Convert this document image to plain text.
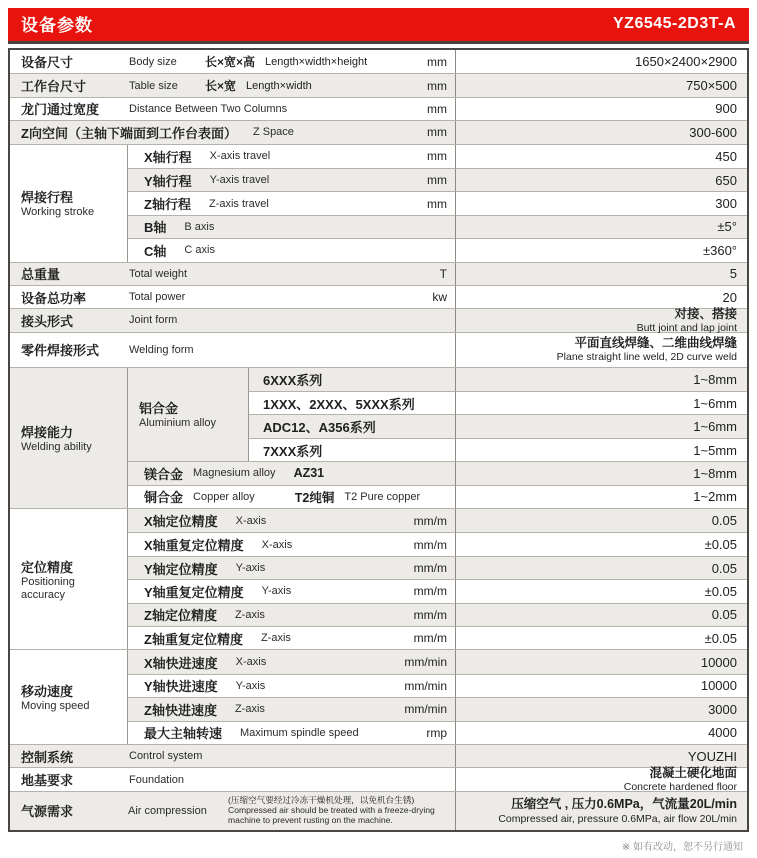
设备参数	YZ6545-2D3T-A
设备尺寸	Body size	长×宽×高 Length×width×height	mm	1650×2400×2900
工作台尺寸	Table size	长×宽 Length×width	mm	750×500
龙门通过宽度	Distance Between Two Columns	mm	900
Z向空间（主轴下端面到工作台表面） Z Space	mm	300-600
焊接行程
Working stroke
X轴行程 X-axis travel	mm	450
Y轴行程 Y-axis travel	mm	650
Z轴行程 Z-axis travel	mm	300
B轴 B axis	±5°
C轴 C axis	±360°
总重量	Total weight	T	5
设备总功率	Total power	kw	20
接头形式	Joint form	对接、搭接
Butt joint and lap joint
零件焊接形式	Welding form	平面直线焊缝、二维曲线焊缝
Plane straight line weld, 2D curve weld
焊接能力
Welding ability
铝合金
Aluminium alloy
6XXX系列	1~8mm
1XXX、2XXX、5XXX系列	1~6mm
ADC12、A356系列	1~6mm
7XXX系列	1~5mm
镁合金 Magnesium alloy AZ31	1~8mm
铜合金 Copper alloy	T2纯铜 T2 Pure copper	1~2mm
定位精度
Positioning accuracy
X轴定位精度 X-axis	mm/m	0.05
X轴重复定位精度 X-axis	mm/m	±0.05
Y轴定位精度 Y-axis	mm/m	0.05
Y轴重复定位精度 Y-axis	mm/m	±0.05
Z轴定位精度 Z-axis	mm/m	0.05
Z轴重复定位精度 Z-axis	mm/m	±0.05
移动速度
Moving speed
X轴快进速度 X-axis	mm/min	10000
Y轴快进速度 Y-axis	mm/min	10000
Z轴快进速度 Z-axis	mm/min	3000
最大主轴转速 Maximum spindle speed	rmp	4000
控制系统	Control system	YOUZHI
地基要求	Foundation	混凝土硬化地面
Concrete hardened floor
气源需求	Air compression
(压缩空气要经过冷冻干燥机处理，以免机台生锈)
Compressed air should be treated with a freeze-drying machine to prevent rusting on the machine.
压缩空气 , 压力0.6MPa，气流量20L/min
Compressed air, pressure 0.6MPa, air flow 20L/min
※ 如有改动，恕不另行通知
